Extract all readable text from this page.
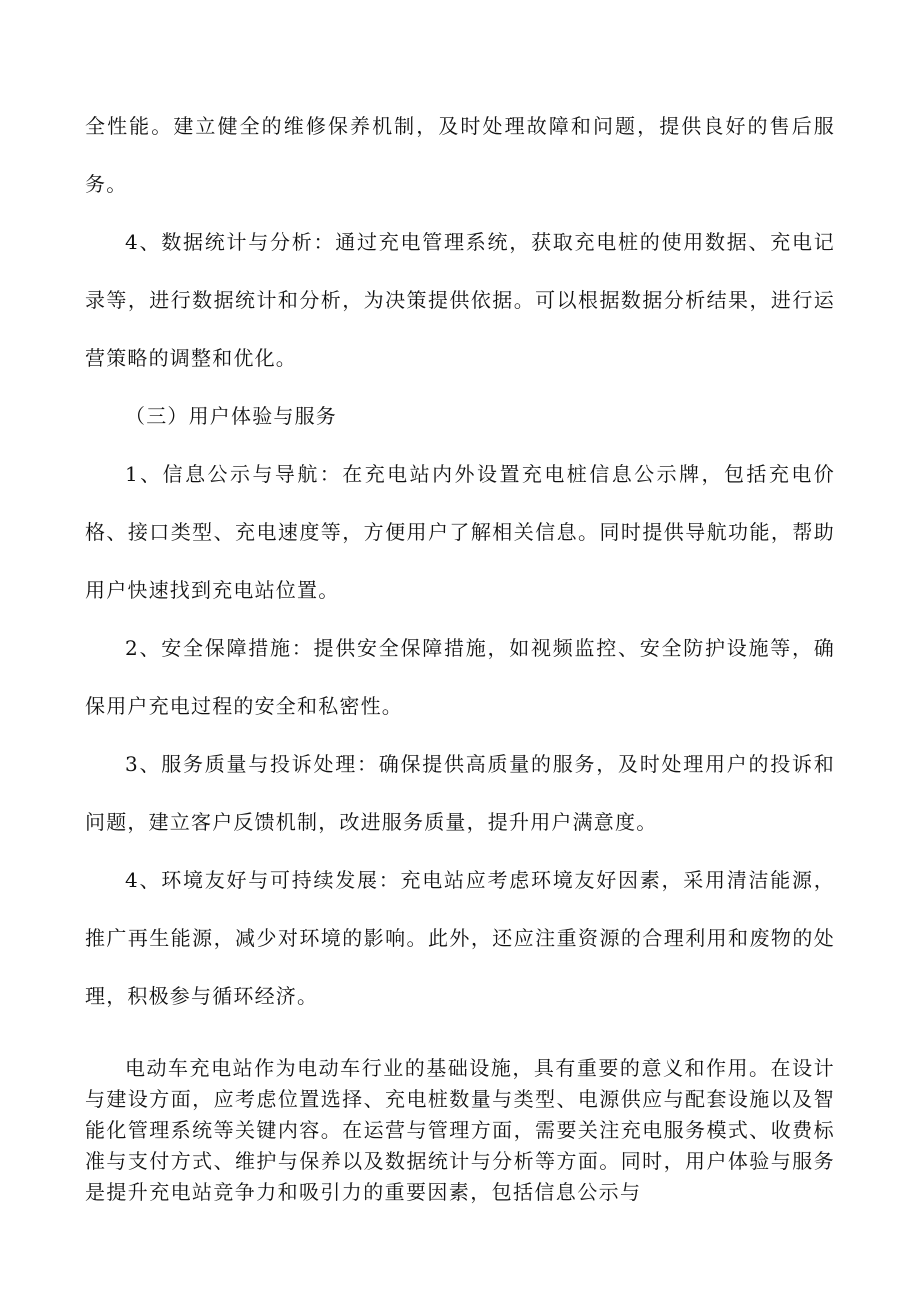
全性能。建立健全的维修保养机制，及时处理故障和问题，提供良好的售后服务。

4、数据统计与分析：通过充电管理系统，获取充电桩的使用数据、充电记录等，进行数据统计和分析，为决策提供依据。可以根据数据分析结果，进行运营策略的调整和优化。

（三）用户体验与服务

1、信息公示与导航：在充电站内外设置充电桩信息公示牌，包括充电价格、接口类型、充电速度等，方便用户了解相关信息。同时提供导航功能，帮助用户快速找到充电站位置。

2、安全保障措施：提供安全保障措施，如视频监控、安全防护设施等，确保用户充电过程的安全和私密性。

3、服务质量与投诉处理：确保提供高质量的服务，及时处理用户的投诉和问题，建立客户反馈机制，改进服务质量，提升用户满意度。

4、环境友好与可持续发展：充电站应考虑环境友好因素，采用清洁能源，推广再生能源，减少对环境的影响。此外，还应注重资源的合理利用和废物的处理，积极参与循环经济。

电动车充电站作为电动车行业的基础设施，具有重要的意义和作用。在设计与建设方面，应考虑位置选择、充电桩数量与类型、电源供应与配套设施以及智能化管理系统等关键内容。在运营与管理方面，需要关注充电服务模式、收费标准与支付方式、维护与保养以及数据统计与分析等方面。同时，用户体验与服务是提升充电站竞争力和吸引力的重要因素，包括信息公示与
